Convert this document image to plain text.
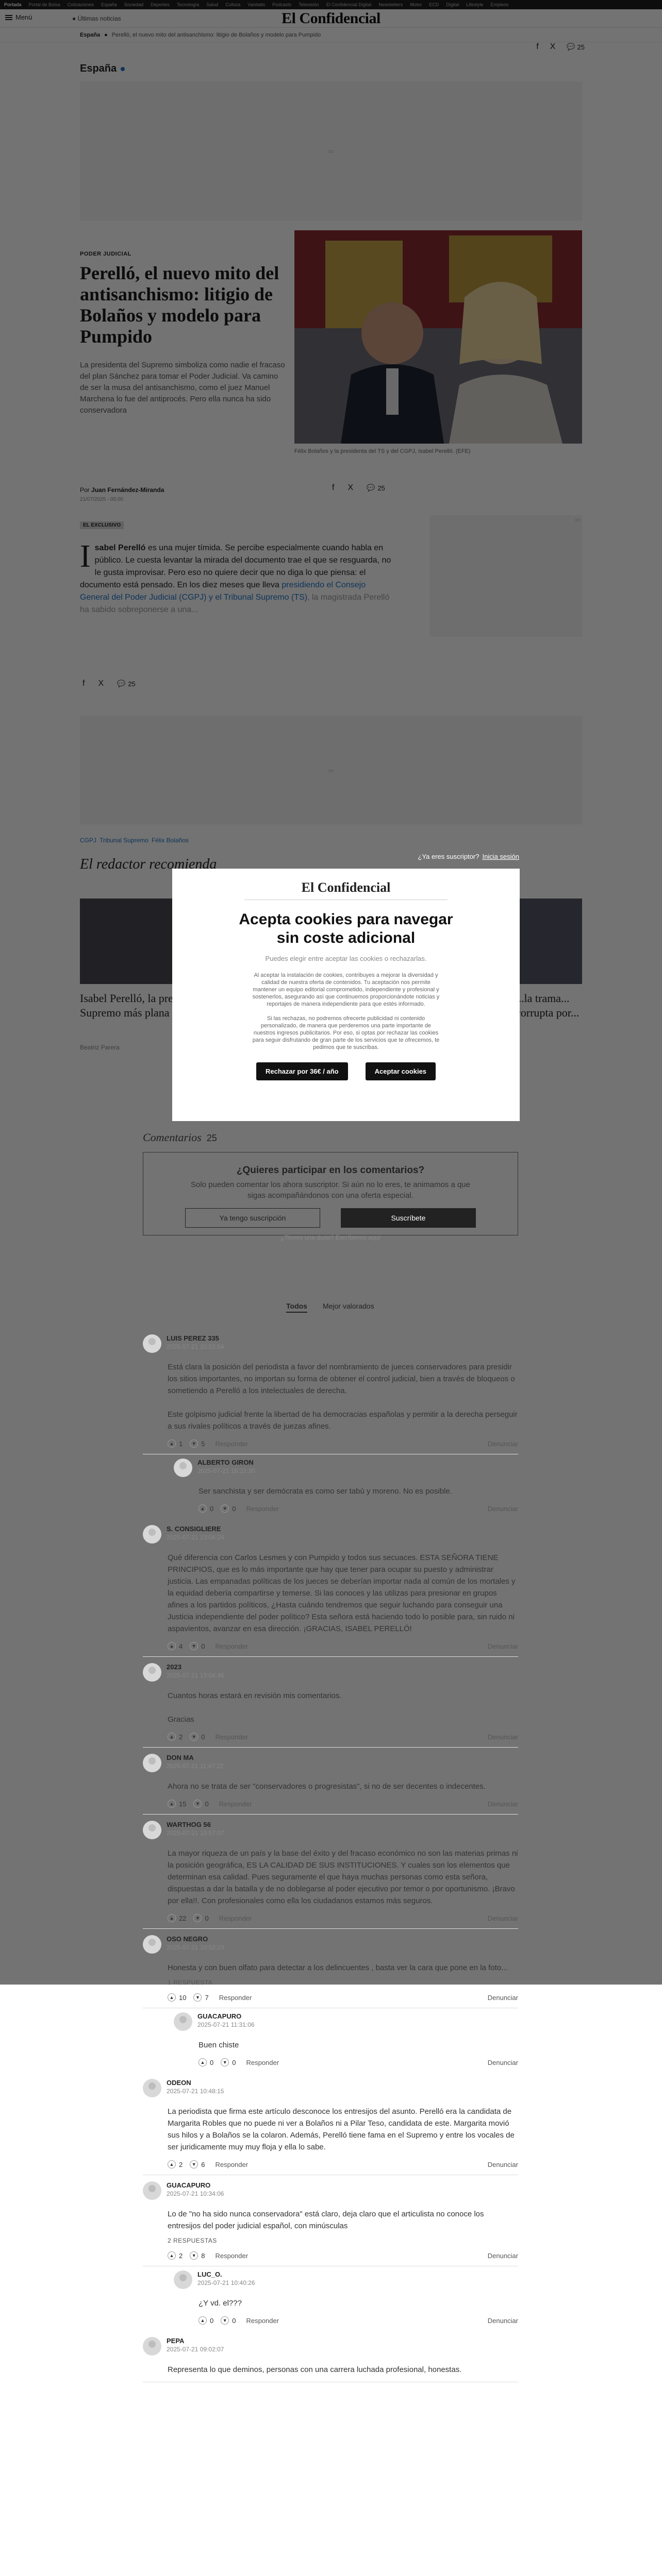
¿Ya eres suscriptor? Inicia sesión
El Confidencial
Acepta cookies para navegar sin coste adicional
Puedes elegir entre aceptar las cookies o rechazarlas.

Al aceptar la instalación de cookies, contribuyes a mejorar la diversidad y calidad de nuestra oferta de contenidos. Tu aceptación nos permite mantener un equipo editorial comprometido, independiente y profesional y sostenerlos, asegurando así que continuemos proporcionándote noticias y reportajes de manera independiente para que estés informado.

Si las rechazas, no podremos ofrecerte publicidad ni contenido personalizado, de manera que perderemos una parte importante de nuestros ingresos publicitarios. Por eso, si optas por rechazar las cookies para seguir disfrutando de gran parte de los servicios que te ofrecemos, te pedimos que te suscribas.

Rechazar por 36€ / año	Aceptar cookies
Comentarios 25
¿Quieres participar en los comentarios?

Solo pueden comentar los ahora suscriptor. Si aún no lo eres, te animamos a que
sigas acompañándonos con una oferta especial.

Ya tengo suscripción	Suscríbete
¿Tienes una duda? Escríbenos aquí
Todos Mejor valorados
LUIS PEREZ 335
2025-07-21 10:53:54
Está clara la posición del periodista a favor del nombramiento de jueces conservadores para presidir los sitios importantes, no importan su forma de obtener el control judicial, bien a través de bloqueos o sometiendo a Perelló a los intelectuales de derecha.

Este golpismo judicial frente la libertad de ha democracias españolas y permitir a la derecha perseguir a sus rivales políticos a través de juezas afines.
▲ 1	▼ 5 Responder	Denunciar
ALBERTO GIRON
2025-07-21 16:22:30
Ser sanchista y ser demócrata es como ser tabú y moreno. No es posible.
▲ 0	▼ 0 Responder	Denunciar
S. CONSIGLIERE
2025-07-21 13:04:24
Qué diferencia con Carlos Lesmes y con Pumpido y todos sus secuaces. ESTA SEÑORA TIENE PRINCIPIOS, que es lo más importante que hay que tener para ocupar su puesto y administrar justicia. Las empanadas políticas de los jueces se deberían importar nada al común de los mortales y la equidad debería compartirse y temerse. Si las conoces y las utilizas para presionar en grupos afines a los partidos políticos, ¿Hasta cuándo tendremos que seguir luchando para conseguir una Justicia independiente del poder político? Esta señora está haciendo todo lo posible para, sin ruido ni aspavientos, avanzar en esa dirección. ¡GRACIAS, ISABEL PERELLÓ!
▲ 4	▼ 0 Responder	Denunciar
2023
2025-07-21 13:04:46
Cuantos horas estará en revisión mis comentarios.

Gracias
▲ 2	▼ 0 Responder	Denunciar
DON MA
2025-07-21 11:47:22
Ahora no se trata de ser "conservadores o progresistas", si no de ser decentes o indecentes.
▲ 15	▼ 0 Responder	Denunciar
WARTHOG 56
2025-07-21 10:57:07
La mayor riqueza de un país y la base del éxito y del fracaso económico no son las materias primas ni la posición geográfica, ES LA CALIDAD DE SUS INSTITUCIONES. Y cuales son los elementos que determinan esa calidad. Pues seguramente el que haya muchas personas como esta señora, dispuestas a dar la batalla y de no doblegarse al poder ejecutivo por temor o por oportunismo. ¡Bravo por ella!!. Con profesionales como ella los ciudadanos estamos más seguros.
▲ 22	▼ 0 Responder	Denunciar
OSO NEGRO
2025-07-21 10:52:23
Honesta y con buen olfato para detectar a los delincuentes , basta ver la cara que pone en la foto...
1 RESPUESTA
▲ 10	▼ 7 Responder	Denunciar
GUACAPURO
2025-07-21 11:31:06
Buen chiste
▲ 0	▼ 0 Responder	Denunciar
ODEON
2025-07-21 10:48:15
La periodista que firma este artículo desconoce los entresijos del asunto. Perelló era la candidata de Margarita Robles que no puede ni ver a Bolaños ni a Pilar Teso, candidata de este. Margarita movió sus hilos y a Bolaños se la colaron. Además, Perelló tiene fama en el Supremo y entre los vocales de ser juridicamente muy muy floja y ella lo sabe.
▲ 2	▼ 6 Responder	Denunciar
GUACAPURO
2025-07-21 10:34:06
Lo de "no ha sido nunca conservadora" está claro, deja claro que el articulista no conoce los entresijos del poder judicial español, con minúsculas
2 RESPUESTAS
▲ 2	▼ 8 Responder	Denunciar
LUC_O.
2025-07-21 10:40:26
¿Y vd. el???
▲ 0	▼ 0 Responder	Denunciar
PEPA
2025-07-21 09:02:07
Representa lo que deminos, personas con una carrera luchada profesional, honestas.
